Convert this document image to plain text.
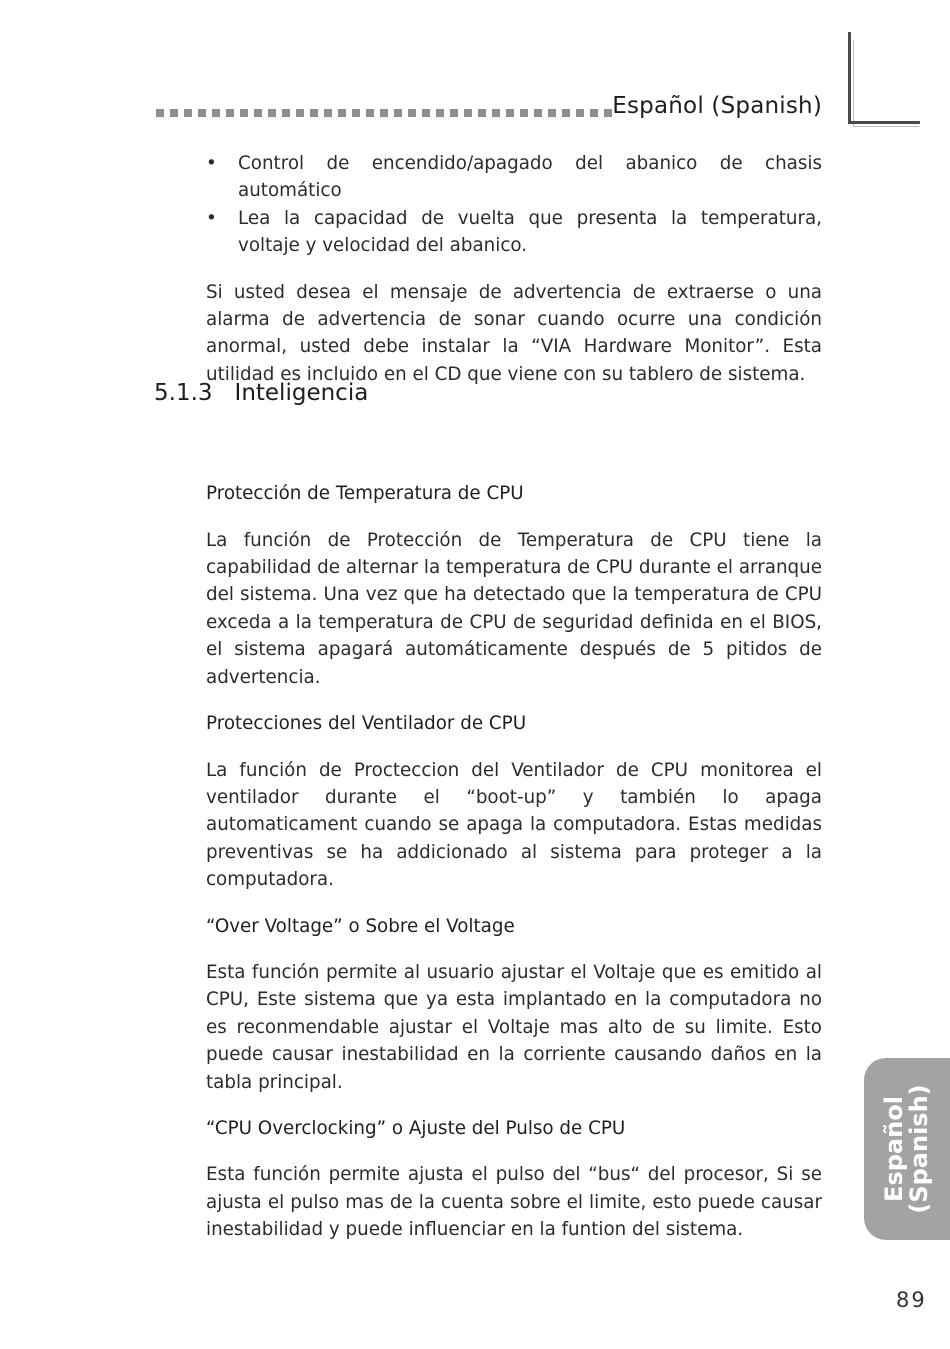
Español (Spanish)
• Control de encendido/apagado del abanico de chasis automático
• Lea la capacidad de vuelta que presenta la temperatura, voltaje y velocidad del abanico.

Si usted desea el mensaje de advertencia de extraerse o una alarma de advertencia de sonar cuando ocurre una condición anormal, usted debe instalar la “VIA Hardware Monitor”. Esta utilidad es incluido en el CD que viene con su tablero de sistema.

Protección de Temperatura de CPU

La función de Protección de Temperatura de CPU tiene la capabilidad de alternar la temperatura de CPU durante el arranque del sistema. Una vez que ha detectado que la temperatura de CPU exceda a la temperatura de CPU de seguridad definida en el BIOS, el sistema apagará automáticamente después de 5 pitidos de advertencia.

Protecciones del Ventilador de CPU

La función de Procteccion del Ventilador de CPU monitorea el ventilador durante el “boot-up” y también lo apaga automaticament cuando se apaga la computadora. Estas medidas preventivas se ha addicionado al sistema para proteger a la computadora.

“Over Voltage” o Sobre el Voltage

Esta función permite al usuario ajustar el Voltaje que es emitido al CPU, Este sistema que ya esta implantado en la computadora no es reconmendable ajustar el Voltaje mas alto de su limite. Esto puede causar inestabilidad en la corriente causando daños en la tabla principal.

“CPU Overclocking” o Ajuste del Pulso de CPU

Esta función permite ajusta el pulso del “bus“ del procesor, Si se ajusta el pulso mas de la cuenta sobre el limite, esto puede causar inestabilidad y puede influenciar en la funtion del sistema.

5.1.3 Inteligencia
Español
(Spanish)
89
